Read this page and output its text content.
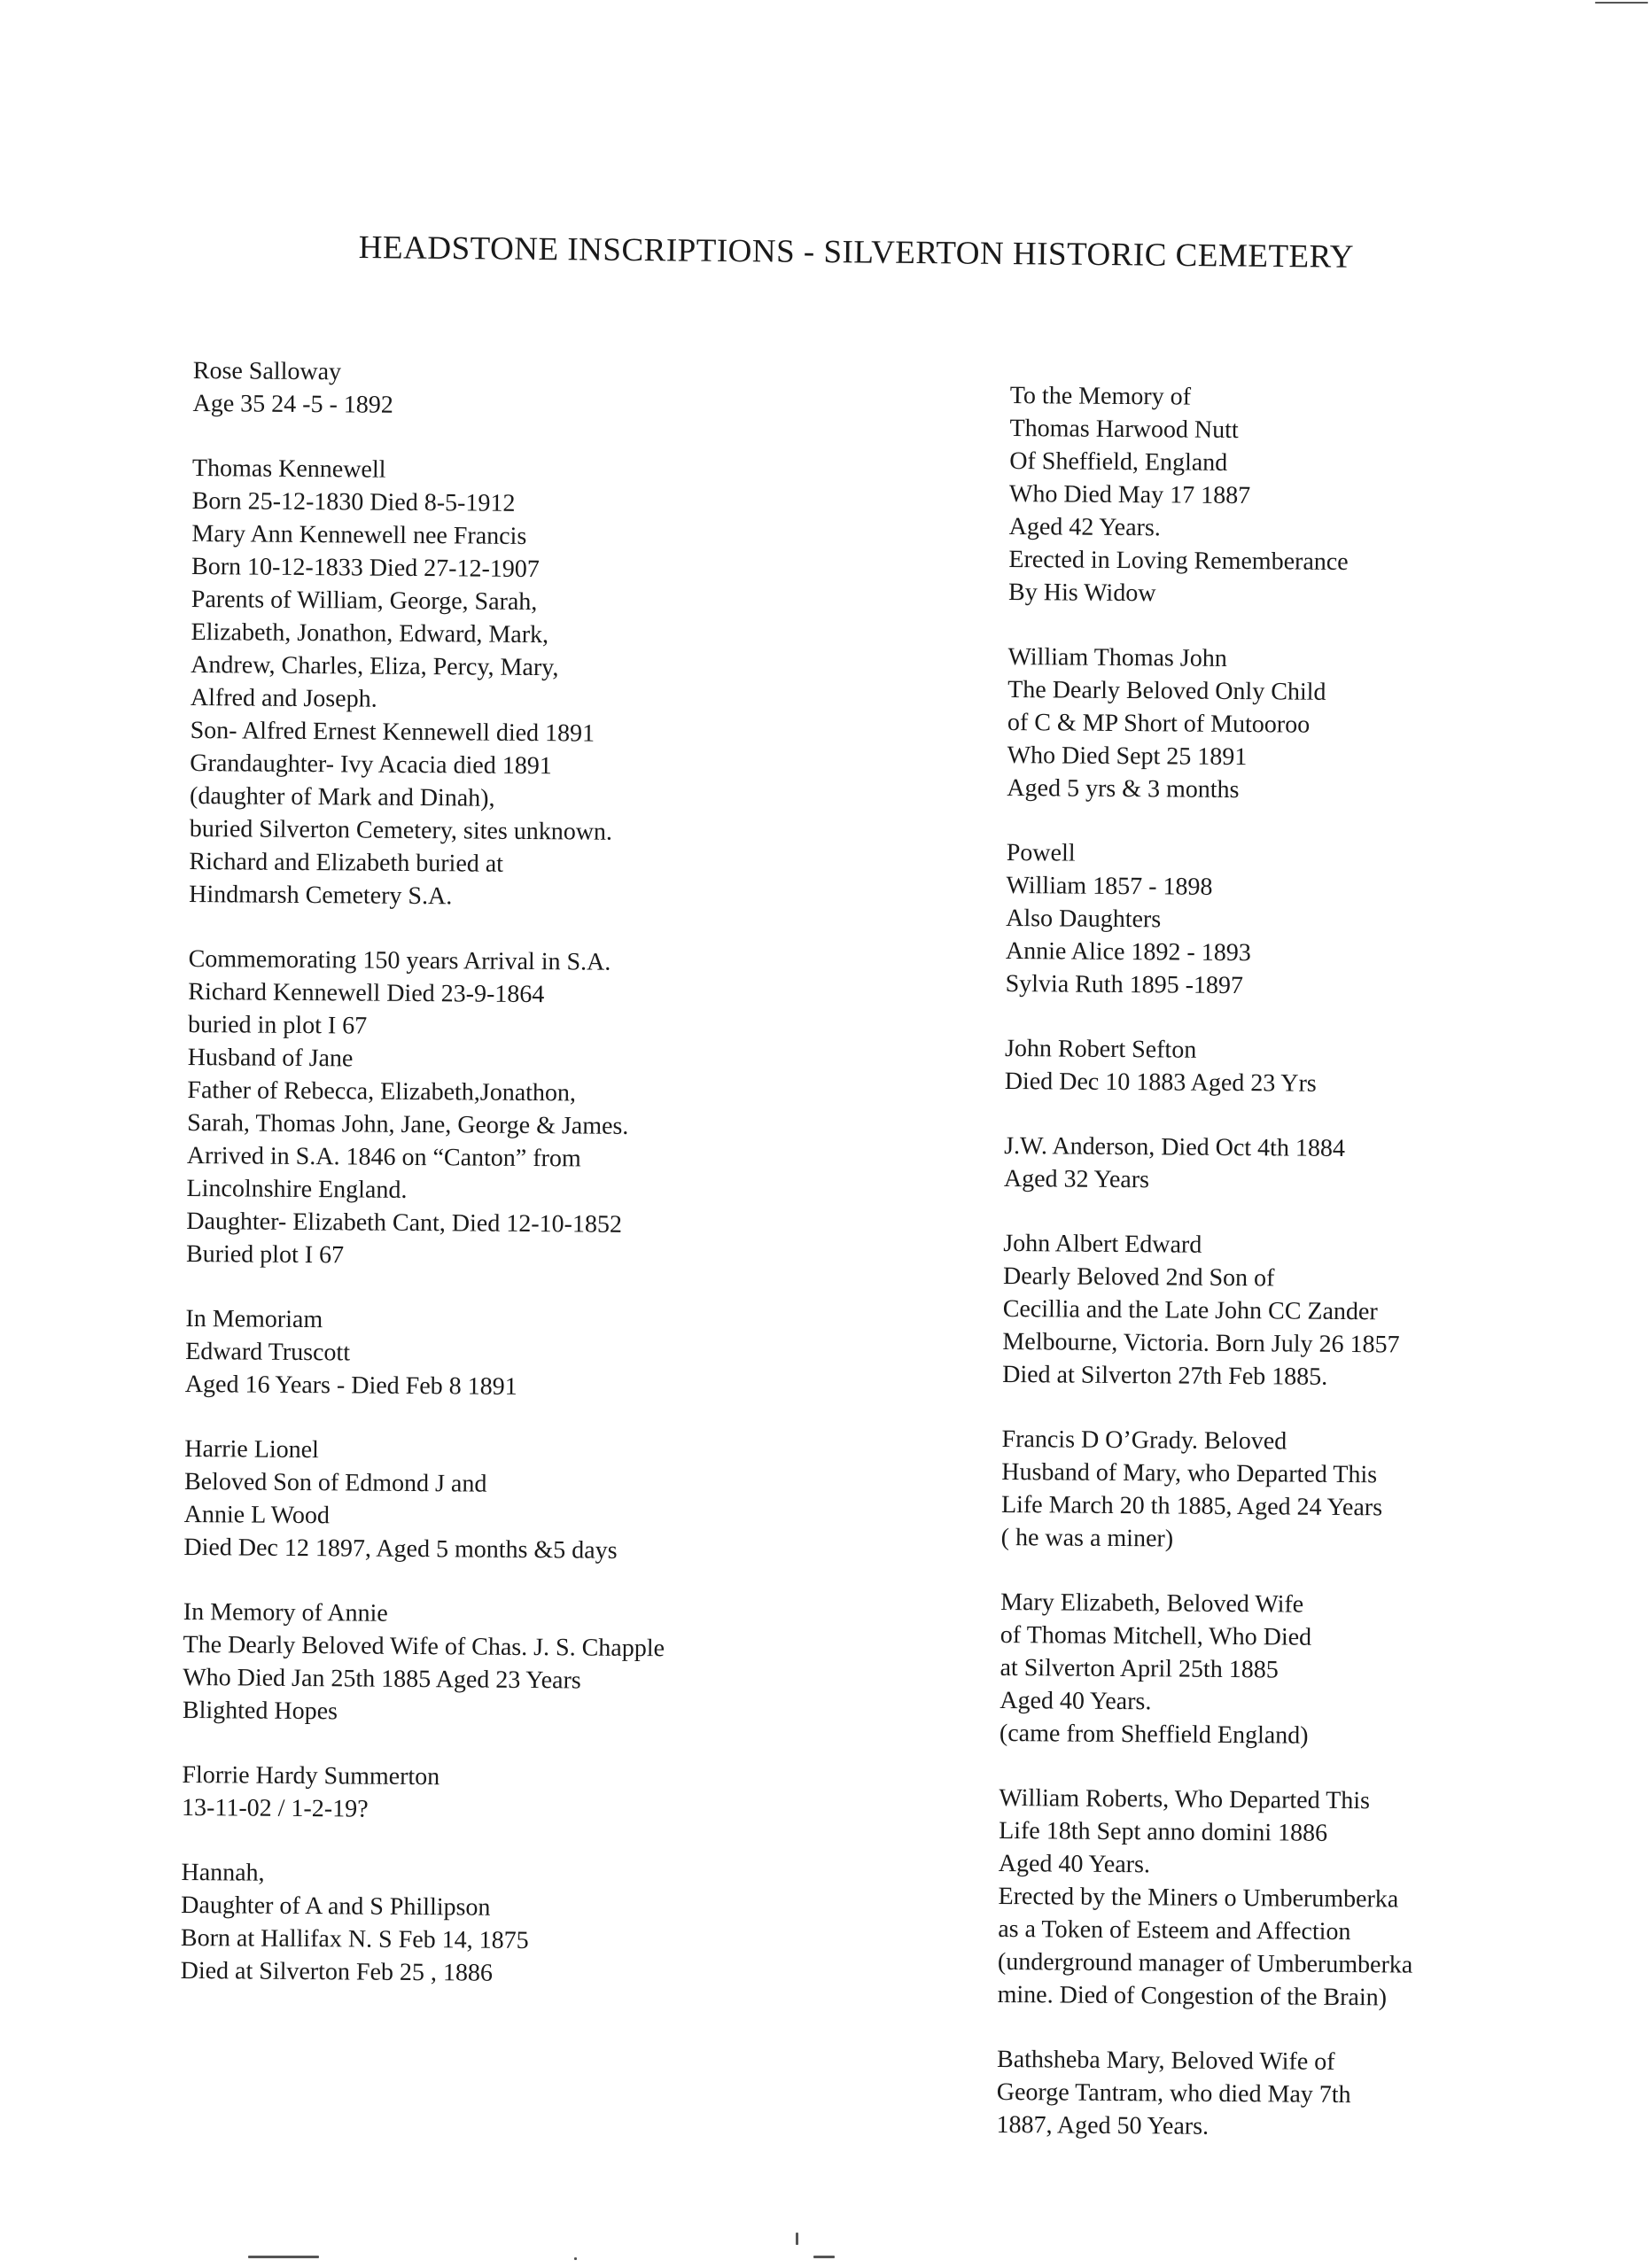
HEADSTONE INSCRIPTIONS - SILVERTON HISTORIC CEMETERY
Rose Salloway
Age 35 24 -5 - 1892
Thomas Kennewell
Born 25-12-1830 Died 8-5-1912
Mary Ann Kennewell nee Francis
Born 10-12-1833 Died 27-12-1907
Parents of William, George, Sarah,
Elizabeth, Jonathon, Edward, Mark,
Andrew, Charles, Eliza, Percy, Mary,
Alfred and Joseph.
Son- Alfred Ernest Kennewell died 1891
Grandaughter- Ivy Acacia died 1891
(daughter of Mark and Dinah),
buried Silverton Cemetery, sites unknown.
Richard and Elizabeth buried at
Hindmarsh Cemetery S.A.
Commemorating 150 years Arrival in S.A.
Richard Kennewell Died 23-9-1864
buried in plot I 67
Husband of Jane
Father of Rebecca, Elizabeth,Jonathon,
Sarah, Thomas John, Jane, George & James.
Arrived in S.A. 1846 on “Canton” from
Lincolnshire England.
Daughter- Elizabeth Cant, Died 12-10-1852
Buried plot I 67
In Memoriam
Edward Truscott
Aged 16 Years - Died Feb 8 1891
Harrie Lionel
Beloved Son of Edmond J and
Annie L Wood
Died Dec 12 1897, Aged 5 months &5 days
In Memory of Annie
The Dearly Beloved Wife of Chas. J. S. Chapple
Who Died Jan 25th 1885 Aged 23 Years
Blighted Hopes
Florrie Hardy Summerton
13-11-02 / 1-2-19?
Hannah,
Daughter of A and S Phillipson
Born at Hallifax N. S Feb 14, 1875
Died at Silverton Feb 25 , 1886
To the Memory of
Thomas Harwood Nutt
Of Sheffield, England
Who Died May 17 1887
Aged 42 Years.
Erected in Loving Rememberance
By His Widow
William Thomas John
The Dearly Beloved Only Child
of C & MP Short of Mutooroo
Who Died Sept 25 1891
Aged 5 yrs & 3 months
Powell
William 1857 - 1898
Also Daughters
Annie Alice 1892 - 1893
Sylvia Ruth 1895 -1897
John Robert Sefton
Died Dec 10 1883 Aged 23 Yrs
J.W. Anderson, Died Oct 4th 1884
Aged 32 Years
John Albert Edward
Dearly Beloved 2nd Son of
Cecillia and the Late John CC Zander
Melbourne, Victoria. Born July 26 1857
Died at Silverton 27th Feb 1885.
Francis D O’Grady. Beloved
Husband of Mary, who Departed This
Life March 20 th 1885, Aged 24 Years
( he was a miner)
Mary Elizabeth, Beloved Wife
of Thomas Mitchell, Who Died
at Silverton April 25th 1885
Aged 40 Years.
(came from Sheffield England)
William Roberts, Who Departed This
Life 18th Sept anno domini 1886
Aged 40 Years.
Erected by the Miners o Umberumberka
as a Token of Esteem and Affection
(underground manager of Umberumberka
mine. Died of Congestion of the Brain)
Bathsheba Mary, Beloved Wife of
George Tantram, who died May 7th
1887, Aged 50 Years.
